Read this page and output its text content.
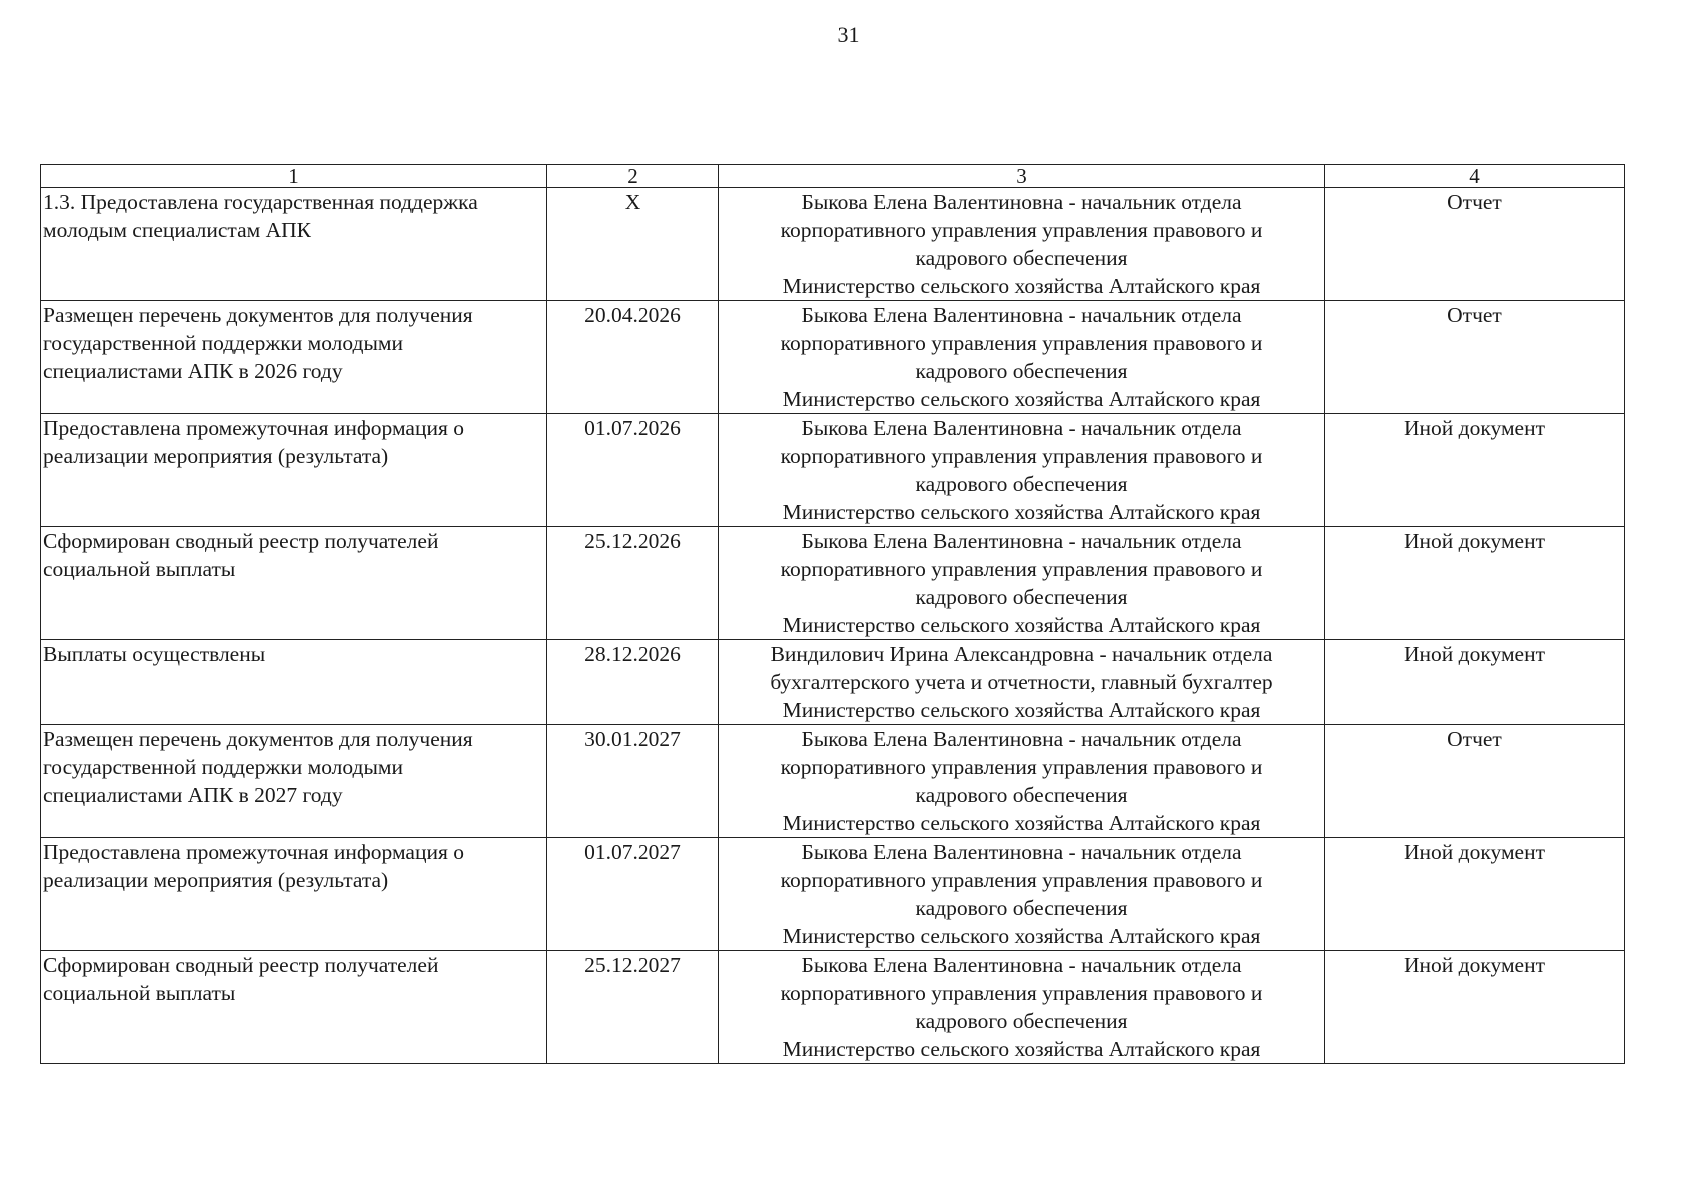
31
1	2	3	4
1.3. Предоставлена государственная поддержка молодым специалистам АПК	X	Быкова Елена Валентиновна - начальник отдела
корпоративного управления управления правового и
кадрового обеспечения
Министерство сельского хозяйства Алтайского края	Отчет
Размещен перечень документов для получения государственной поддержки молодыми специалистами АПК в 2026 году	20.04.2026	Быкова Елена Валентиновна - начальник отдела
корпоративного управления управления правового и
кадрового обеспечения
Министерство сельского хозяйства Алтайского края	Отчет
Предоставлена промежуточная информация о реализации мероприятия (результата)	01.07.2026	Быкова Елена Валентиновна - начальник отдела
корпоративного управления управления правового и
кадрового обеспечения
Министерство сельского хозяйства Алтайского края	Иной документ
Сформирован сводный реестр получателей социальной выплаты	25.12.2026	Быкова Елена Валентиновна - начальник отдела
корпоративного управления управления правового и
кадрового обеспечения
Министерство сельского хозяйства Алтайского края	Иной документ
Выплаты осуществлены	28.12.2026	Виндилович Ирина Александровна - начальник отдела
бухгалтерского учета и отчетности, главный бухгалтер
Министерство сельского хозяйства Алтайского края	Иной документ
Размещен перечень документов для получения государственной поддержки молодыми специалистами АПК в 2027 году	30.01.2027	Быкова Елена Валентиновна - начальник отдела
корпоративного управления управления правового и
кадрового обеспечения
Министерство сельского хозяйства Алтайского края	Отчет
Предоставлена промежуточная информация о реализации мероприятия (результата)	01.07.2027	Быкова Елена Валентиновна - начальник отдела
корпоративного управления управления правового и
кадрового обеспечения
Министерство сельского хозяйства Алтайского края	Иной документ
Сформирован сводный реестр получателей социальной выплаты	25.12.2027	Быкова Елена Валентиновна - начальник отдела
корпоративного управления управления правового и
кадрового обеспечения
Министерство сельского хозяйства Алтайского края	Иной документ
